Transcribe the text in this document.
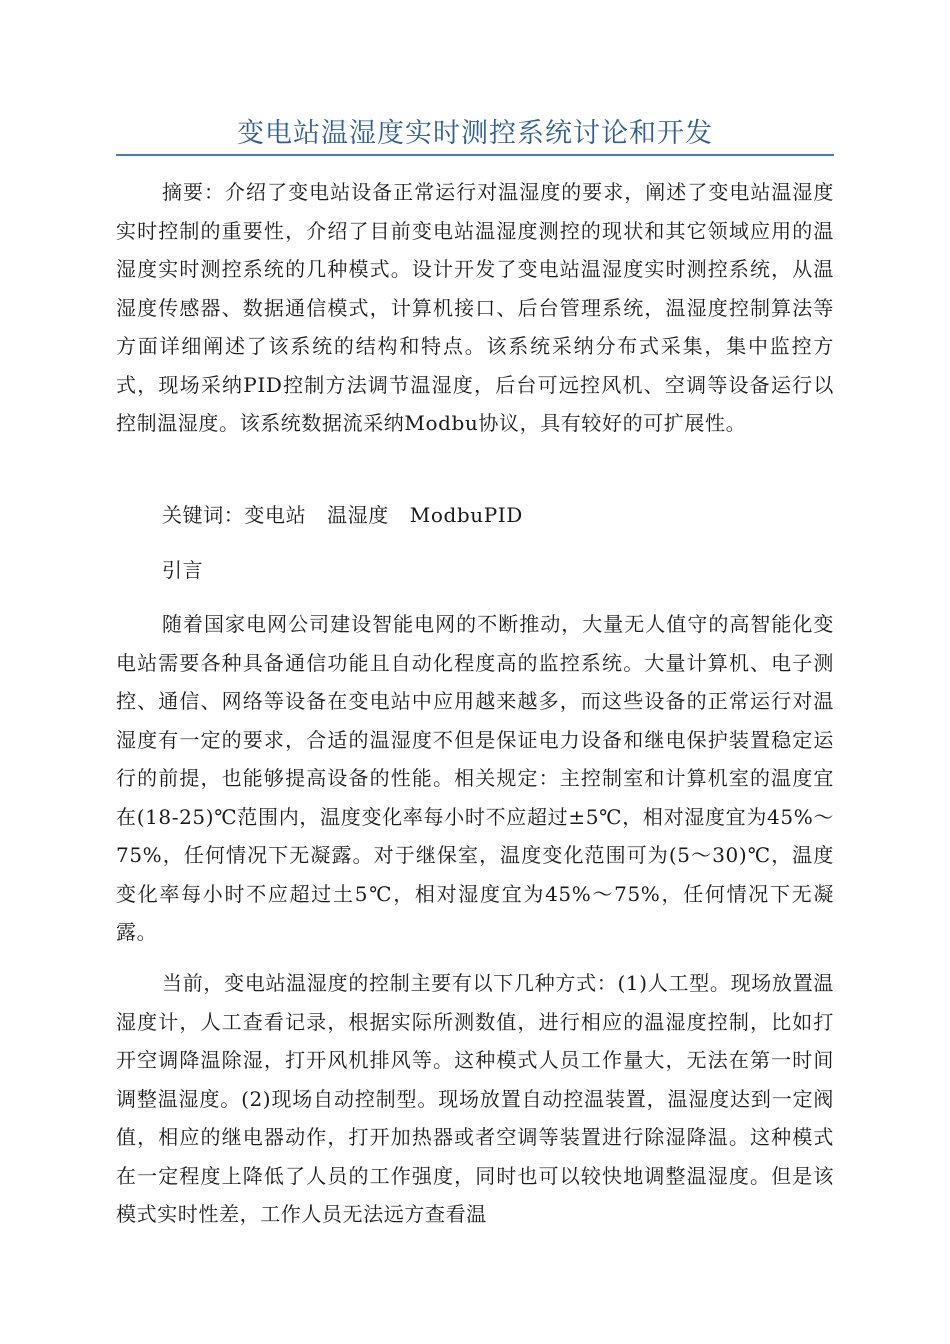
变电站温湿度实时测控系统讨论和开发

摘要：介绍了变电站设备正常运行对温湿度的要求，阐述了变电站温湿度实时控制的重要性，介绍了目前变电站温湿度测控的现状和其它领域应用的温湿度实时测控系统的几种模式。设计开发了变电站温湿度实时测控系统，从温湿度传感器、数据通信模式，计算机接口、后台管理系统，温湿度控制算法等方面详细阐述了该系统的结构和特点。该系统采纳分布式采集，集中监控方式，现场采纳PID控制方法调节温湿度，后台可远控风机、空调等设备运行以控制温湿度。该系统数据流采纳Modbu协议，具有较好的可扩展性。

关键词：变电站   温湿度   ModbuPID

引言

随着国家电网公司建设智能电网的不断推动，大量无人值守的高智能化变电站需要各种具备通信功能且自动化程度高的监控系统。大量计算机、电子测控、通信、网络等设备在变电站中应用越来越多，而这些设备的正常运行对温湿度有一定的要求，合适的温湿度不但是保证电力设备和继电保护装置稳定运行的前提，也能够提高设备的性能。相关规定：主控制室和计算机室的温度宜在(18-25)℃范围内，温度变化率每小时不应超过±5℃，相对湿度宜为45%～75%，任何情况下无凝露。对于继保室，温度变化范围可为(5～30)℃，温度变化率每小时不应超过土5℃，相对湿度宜为45%～75%，任何情况下无凝露。

当前，变电站温湿度的控制主要有以下几种方式：(1)人工型。现场放置温湿度计，人工查看记录，根据实际所测数值，进行相应的温湿度控制，比如打开空调降温除湿，打开风机排风等。这种模式人员工作量大，无法在第一时间调整温湿度。(2)现场自动控制型。现场放置自动控温装置，温湿度达到一定阀值，相应的继电器动作，打开加热器或者空调等装置进行除湿降温。这种模式在一定程度上降低了人员的工作强度，同时也可以较快地调整温湿度。但是该模式实时性差，工作人员无法远方查看温
